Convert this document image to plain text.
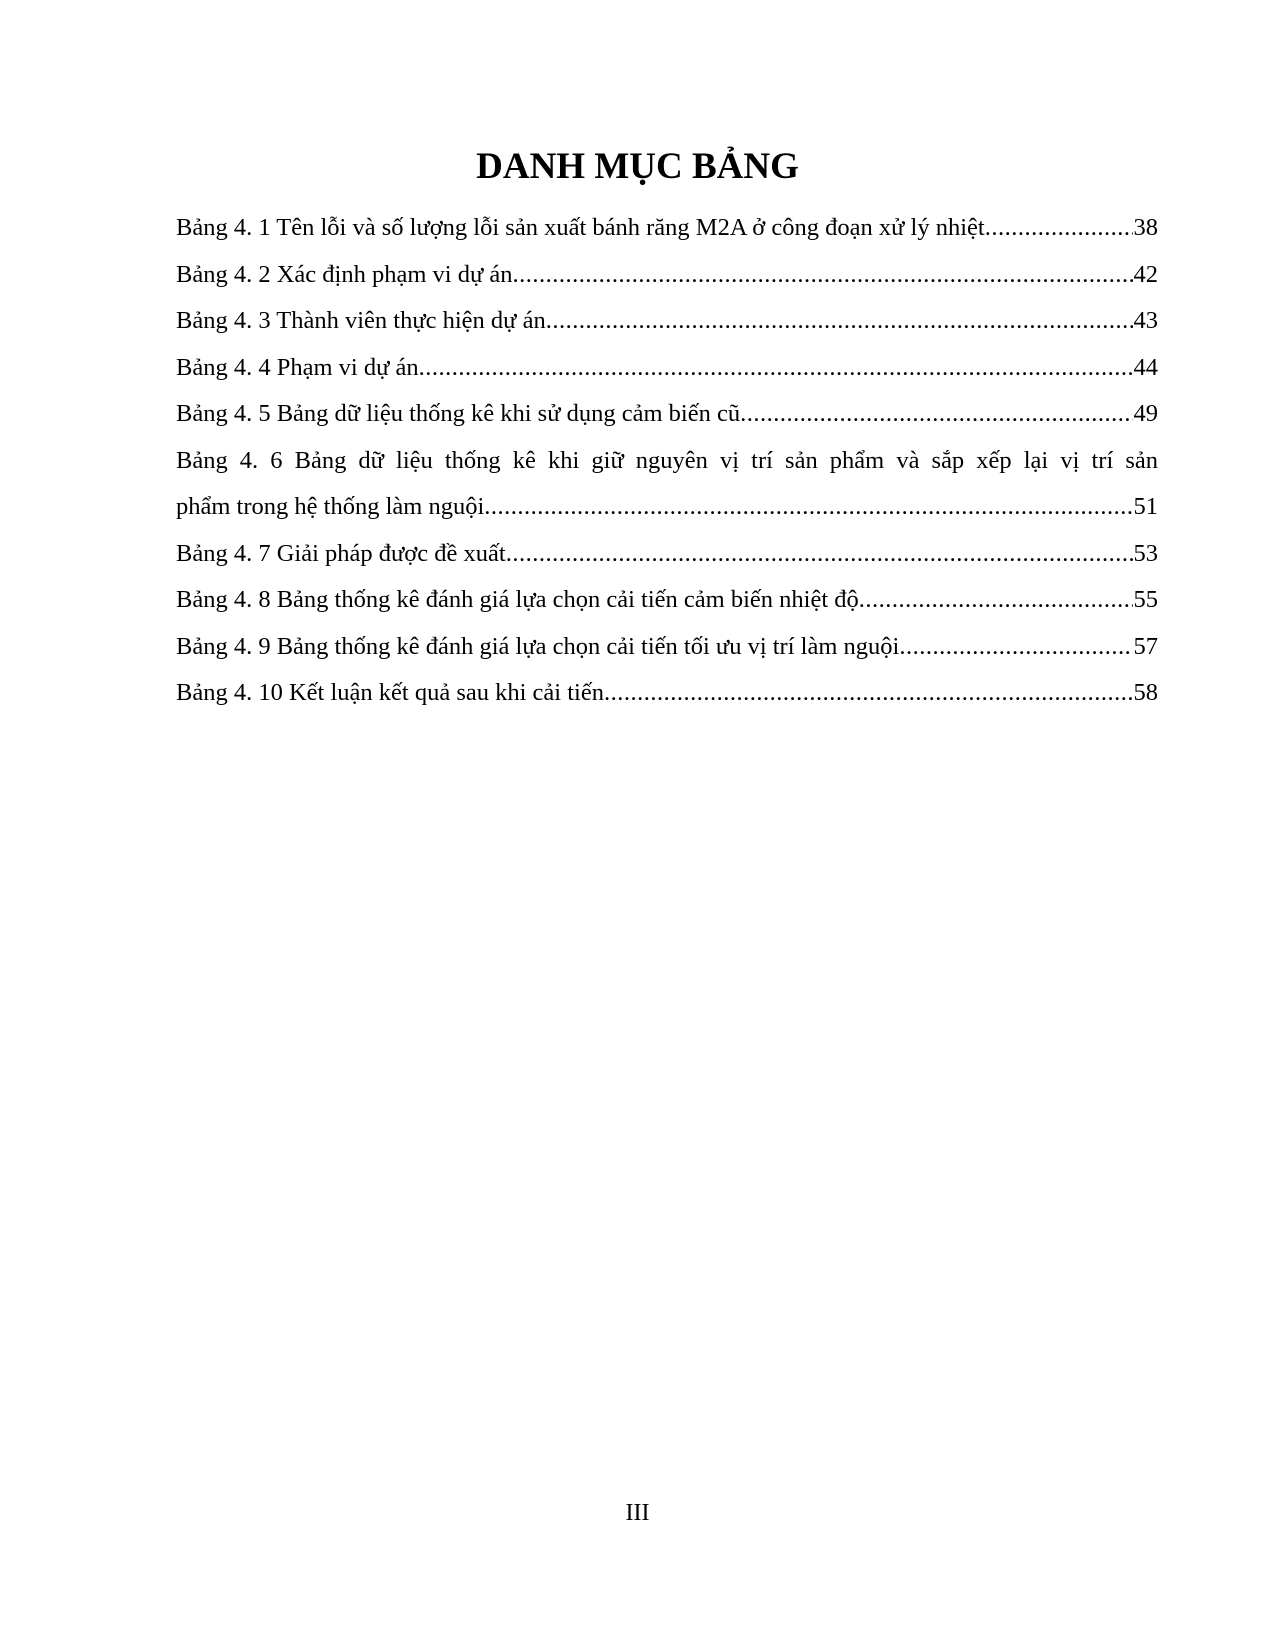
DANH MỤC BẢNG
Bảng 4. 1 Tên lỗi và số lượng lỗi sản xuất bánh răng M2A ở công đoạn xử lý nhiệt .....	38
Bảng 4. 2 Xác định phạm vi dự án .....	42
Bảng 4. 3 Thành viên thực hiện dự án .....	43
Bảng 4. 4 Phạm vi dự án .....	44
Bảng 4. 5 Bảng dữ liệu thống kê khi sử dụng cảm biến cũ .....	49
Bảng 4. 6 Bảng dữ liệu thống kê khi giữ nguyên vị trí sản phẩm và sắp xếp lại vị trí sản
phẩm trong hệ thống làm nguội .....	51
Bảng 4. 7 Giải pháp được đề xuất .....	53
Bảng 4. 8 Bảng thống kê đánh giá lựa chọn cải tiến cảm biến nhiệt độ .....	55
Bảng 4. 9 Bảng thống kê đánh giá lựa chọn cải tiến tối ưu vị trí làm nguội .....	57
Bảng 4. 10 Kết luận kết quả sau khi cải tiến .....	58
III
